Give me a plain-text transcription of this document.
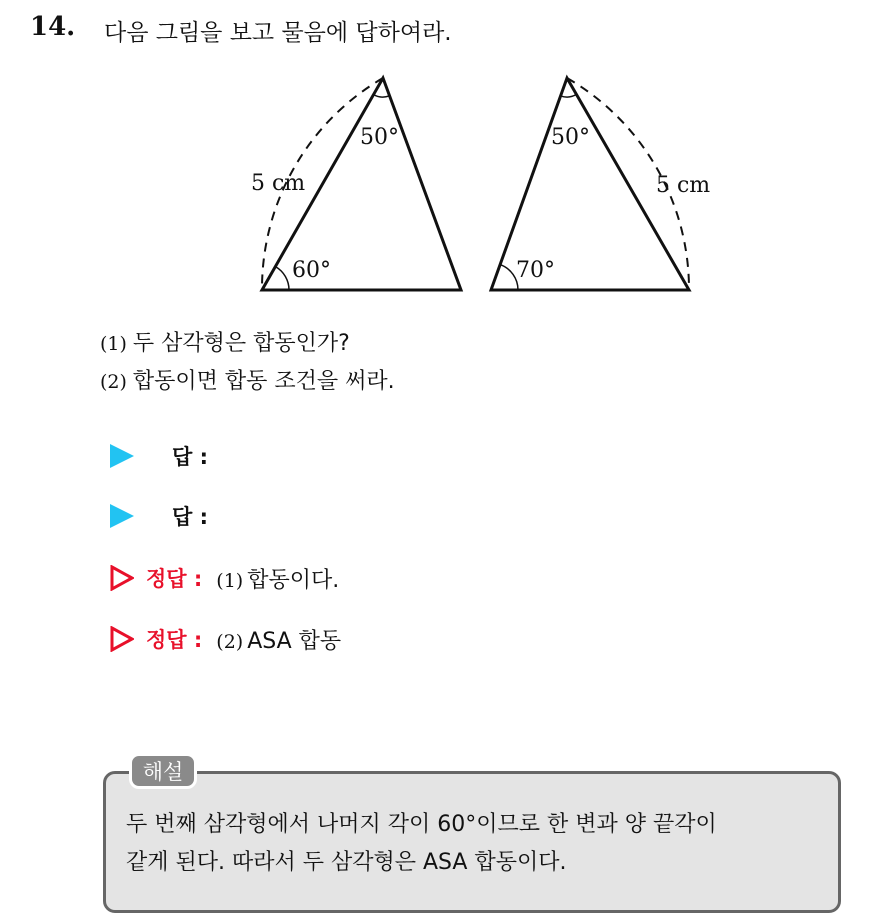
14. 다음 그림을 보고 물음에 답하여라.
50°
60°
5 cm
50°
70°
5 cm
(1) 두 삼각형은 합동인가?
(2) 합동이면 합동 조건을 써라.
답 :
답 :
정답 : (1) 합동이다.
정답 : (2) ASA 합동
해설
두 번째 삼각형에서 나머지 각이 60°이므로 한 변과 양 끝각이
같게 된다. 따라서 두 삼각형은 ASA 합동이다.
